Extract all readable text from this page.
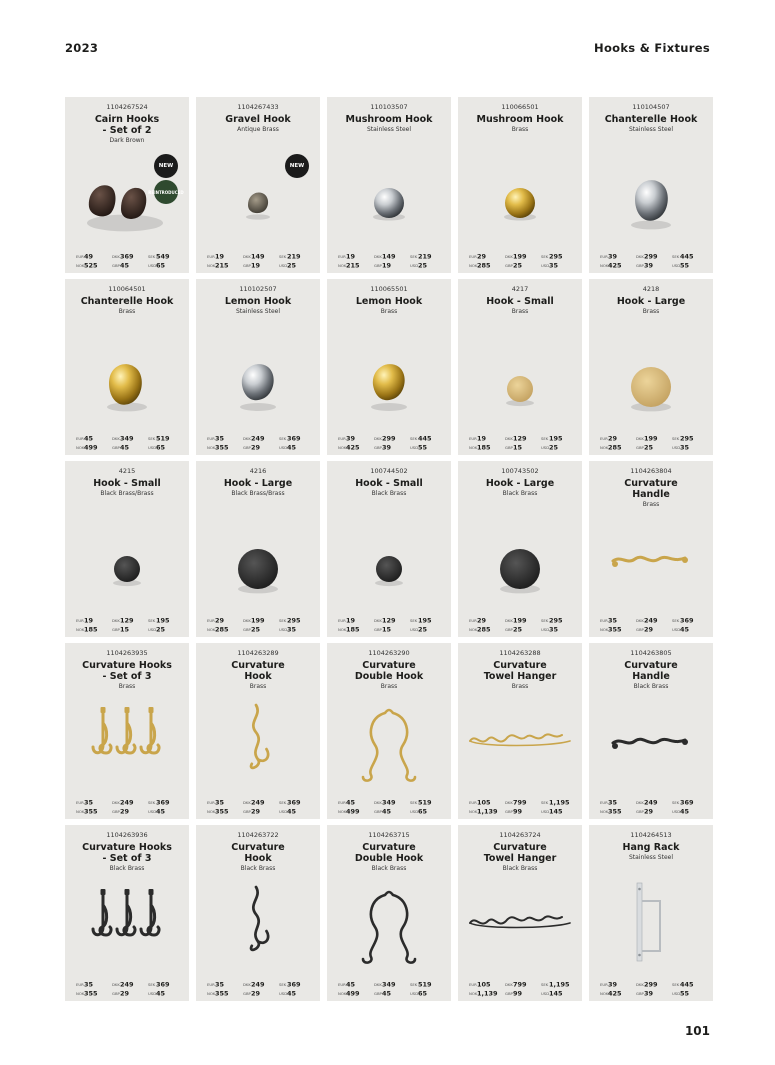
2023	Hooks & Fixtures
1104267524
Cairn Hooks
- Set of 2
Dark Brown
NEW
REINTRODUCED
EUR49	DKK369	SEK549
NOK525	GBP45	USD65
1104267433
Gravel Hook
Antique Brass
NEW
EUR19	DKK149	SEK219
NOK215	GBP19	USD25
110103507
Mushroom Hook
Stainless Steel
EUR19	DKK149	SEK219
NOK215	GBP19	USD25
110066501
Mushroom Hook
Brass
EUR29	DKK199	SEK295
NOK285	GBP25	USD35
110104507
Chanterelle Hook
Stainless Steel
EUR39	DKK299	SEK445
NOK425	GBP39	USD55
110064501
Chanterelle Hook
Brass
EUR45	DKK349	SEK519
NOK499	GBP45	USD65
110102507
Lemon Hook
Stainless Steel
EUR35	DKK249	SEK369
NOK355	GBP29	USD45
110065501
Lemon Hook
Brass
EUR39	DKK299	SEK445
NOK425	GBP39	USD55
4217
Hook - Small
Brass
EUR19	DKK129	SEK195
NOK185	GBP15	USD25
4218
Hook - Large
Brass
EUR29	DKK199	SEK295
NOK285	GBP25	USD35
4215
Hook - Small
Black Brass/Brass
EUR19	DKK129	SEK195
NOK185	GBP15	USD25
4216
Hook - Large
Black Brass/Brass
EUR29	DKK199	SEK295
NOK285	GBP25	USD35
100744502
Hook - Small
Black Brass
EUR19	DKK129	SEK195
NOK185	GBP15	USD25
100743502
Hook - Large
Black Brass
EUR29	DKK199	SEK295
NOK285	GBP25	USD35
1104263804
Curvature
Handle
Brass
EUR35	DKK249	SEK369
NOK355	GBP29	USD45
1104263935
Curvature Hooks
- Set of 3
Brass
EUR35	DKK249	SEK369
NOK355	GBP29	USD45
1104263289
Curvature
Hook
Brass
EUR35	DKK249	SEK369
NOK355	GBP29	USD45
1104263290
Curvature
Double Hook
Brass
EUR45	DKK349	SEK519
NOK499	GBP45	USD65
1104263288
Curvature
Towel Hanger
Brass
EUR105	DKK799	SEK1,195
NOK1,139 GBP99	USD145
1104263805
Curvature
Handle
Black Brass
EUR35	DKK249	SEK369
NOK355	GBP29	USD45
1104263936
Curvature Hooks
- Set of 3
Black Brass
EUR35	DKK249	SEK369
NOK355	GBP29	USD45
1104263722
Curvature
Hook
Black Brass
EUR35	DKK249	SEK369
NOK355	GBP29	USD45
1104263715
Curvature
Double Hook
Black Brass
EUR45	DKK349	SEK519
NOK499	GBP45	USD65
1104263724
Curvature
Towel Hanger
Black Brass
EUR105	DKK799	SEK1,195
NOK1,139 GBP99	USD145
1104264513
Hang Rack
Stainless Steel
EUR39	DKK299	SEK445
NOK425	GBP39	USD55
101
